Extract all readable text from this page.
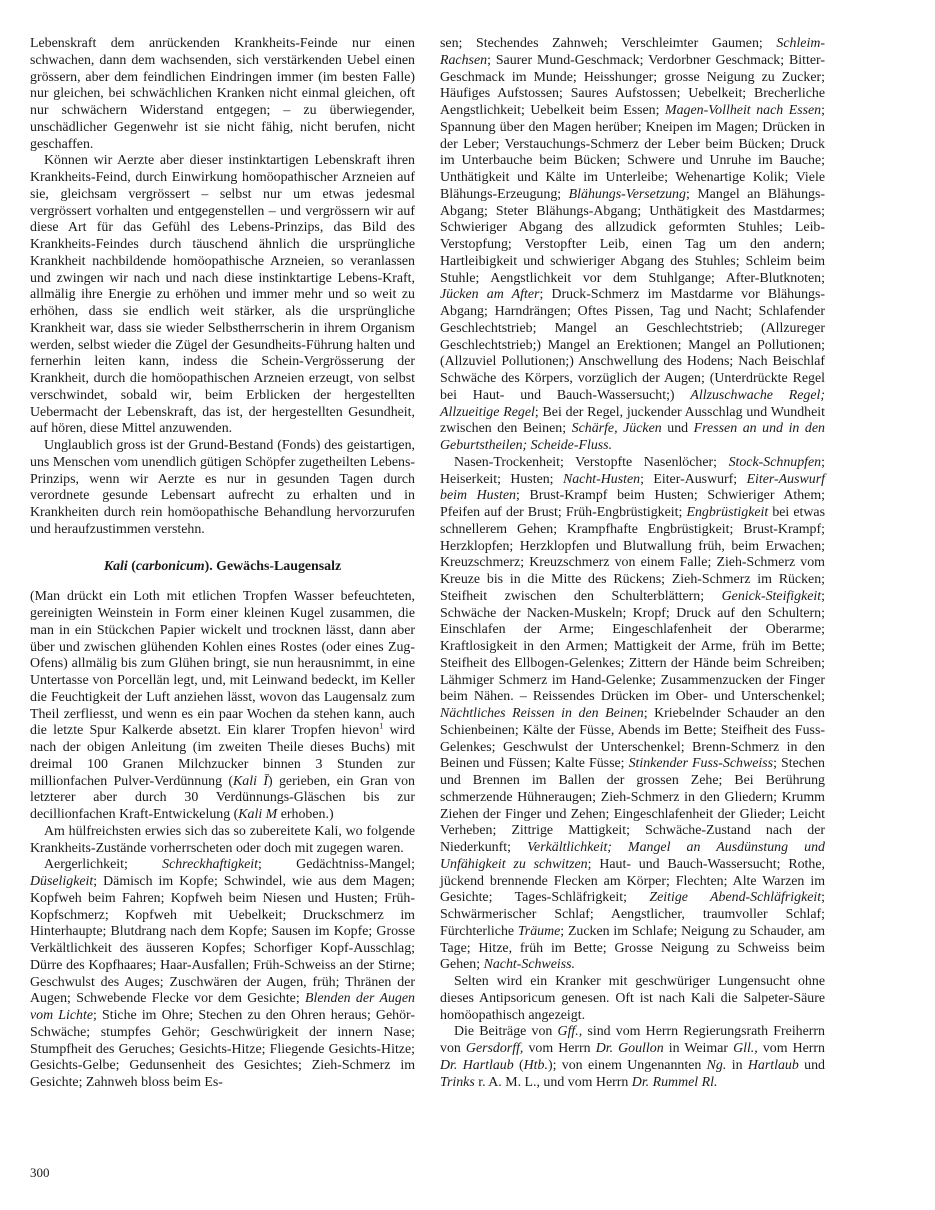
Lebenskraft dem anrückenden Krankheits-Feinde nur einen schwachen, dann dem wachsenden, sich verstärkenden Uebel einen grössern, aber dem feindlichen Eindringen immer (im besten Falle) nur gleichen, bei schwächlichen Kranken nicht einmal gleichen, oft nur schwächern Widerstand entgegen; – zu überwiegender, unschädlicher Gegenwehr ist sie nicht fähig, nicht berufen, nicht geschaffen.

Können wir Aerzte aber dieser instinktartigen Lebenskraft ihren Krankheits-Feind, durch Einwirkung homöopathischer Arzneien auf sie, gleichsam vergrössert – selbst nur um etwas jedesmal vergrössert vorhalten und entgegenstellen – und vergrössern wir auf diese Art für das Gefühl des Lebens-Prinzips, das Bild des Krankheits-Feindes durch täuschend ähnlich die ursprüngliche Krankheit nachbildende homöopathische Arzneien, so veranlassen und zwingen wir nach und nach diese instinktartige Lebens-Kraft, allmälig ihre Energie zu erhöhen und immer mehr und so weit zu erhöhen, dass sie endlich weit stärker, als die ursprüngliche Krankheit war, dass sie wieder Selbstherrscherin in ihrem Organism werden, selbst wieder die Zügel der Gesundheits-Führung halten und fernerhin leiten kann, indess die Schein-Vergrösserung der Krankheit, durch die homöopathischen Arzneien erzeugt, von selbst verschwindet, sobald wir, beim Erblicken der hergestellten Uebermacht der Lebenskraft, das ist, der hergestellten Gesundheit, auf hören, diese Mittel anzuwenden.

Unglaublich gross ist der Grund-Bestand (Fonds) des geistartigen, uns Menschen vom unendlich gütigen Schöpfer zugetheilten Lebens-Prinzips, wenn wir Aerzte es nur in gesunden Tagen durch verordnete gesunde Lebensart aufrecht zu erhalten und in Krankheiten durch rein homöopathische Behandlung hervorzurufen und heraufzustimmen verstehn.

Kali (carbonicum). Gewächs-Laugensalz

(Man drückt ein Loth mit etlichen Tropfen Wasser befeuchteten, gereinigten Weinstein in Form einer kleinen Kugel zusammen, die man in ein Stückchen Papier wickelt und trocknen lässt, dann aber über und zwischen glühenden Kohlen eines Rostes (oder eines Zug-Ofens) allmälig bis zum Glühen bringt, sie nun herausnimmt, in eine Untertasse von Porcellän legt, und, mit Leinwand bedeckt, im Keller die Feuchtigkeit der Luft anziehen lässt, wovon das Laugensalz zum Theil zerfliesst, und wenn es ein paar Wochen da stehen kann, auch die letzte Spur Kalkerde absetzt. Ein klarer Tropfen hievon$^1$ wird nach der obigen Anleitung (im zweiten Theile dieses Buchs) mit dreimal 100 Granen Milchzucker binnen 3 Stunden zur millionfachen Pulver-Verdünnung (Kali Ī) gerieben, ein Gran von letzterer aber durch 30 Verdünnungs-Gläschen bis zur decillionfachen Kraft-Entwickelung (Kali M erhoben.)

Am hülfreichsten erwies sich das so zubereitete Kali, wo folgende Krankheits-Zustände vorherrscheten oder doch mit zugegen waren.

Aergerlichkeit; Schreckhaftigkeit; Gedächtniss-Mangel; Düseligkeit; Dämisch im Kopfe; Schwindel, wie aus dem Magen; Kopfweh beim Fahren; Kopfweh beim Niesen und Husten; Früh-Kopfschmerz; Kopfweh mit Uebelkeit; Druckschmerz im Hinterhaupte; Blutdrang nach dem Kopfe; Sausen im Kopfe; Grosse Verkältlichkeit des äusseren Kopfes; Schorfiger Kopf-Ausschlag; Dürre des Kopfhaares; Haar-Ausfallen; Früh-Schweiss an der Stirne; Geschwulst des Auges; Zuschwären der Augen, früh; Thränen der Augen; Schwebende Flecke vor dem Gesichte; Blenden der Augen vom Lichte; Stiche im Ohre; Stechen zu den Ohren heraus; Gehör-Schwäche; stumpfes Gehör; Geschwürigkeit der innern Nase; Stumpfheit des Geruches; Gesichts-Hitze; Fliegende Gesichts-Hitze; Gesichts-Gelbe; Gedunsenheit des Gesichtes; Zieh-Schmerz im Gesichte; Zahnweh bloss beim Es-

sen; Stechendes Zahnweh; Verschleimter Gaumen; Schleim-Rachsen; Saurer Mund-Geschmack; Verdorbner Geschmack; Bitter-Geschmack im Munde; Heisshunger; grosse Neigung zu Zucker; Häufiges Aufstossen; Saures Aufstossen; Uebelkeit; Brecherliche Aengstlichkeit; Uebelkeit beim Essen; Magen-Vollheit nach Essen; Spannung über den Magen herüber; Kneipen im Magen; Drücken in der Leber; Verstauchungs-Schmerz der Leber beim Bücken; Druck im Unterbauche beim Bücken; Schwere und Unruhe im Bauche; Unthätigkeit und Kälte im Unterleibe; Wehenartige Kolik; Viele Blähungs-Erzeugung; Blähungs-Versetzung; Mangel an Blähungs-Abgang; Steter Blähungs-Abgang; Unthätigkeit des Mastdarmes; Schwieriger Abgang des allzudick geformten Stuhles; Leib-Verstopfung; Verstopfter Leib, einen Tag um den andern; Hartleibigkeit und schwieriger Abgang des Stuhles; Schleim beim Stuhle; Aengstlichkeit vor dem Stuhlgange; After-Blutknoten; Jücken am After; Druck-Schmerz im Mastdarme vor Blähungs-Abgang; Harndrängen; Oftes Pissen, Tag und Nacht; Schlafender Geschlechtstrieb; Mangel an Geschlechtstrieb; (Allzureger Geschlechtstrieb;) Mangel an Erektionen; Mangel an Pollutionen; (Allzuviel Pollutionen;) Anschwellung des Hodens; Nach Beischlaf Schwäche des Körpers, vorzüglich der Augen; (Unterdrückte Regel bei Haut- und Bauch-Wassersucht;) Allzuschwache Regel; Allzueitige Regel; Bei der Regel, juckender Ausschlag und Wundheit zwischen den Beinen; Schärfe, Jücken und Fressen an und in den Geburtstheilen; Scheide-Fluss.

Nasen-Trockenheit; Verstopfte Nasenlöcher; Stock-Schnupfen; Heiserkeit; Husten; Nacht-Husten; Eiter-Auswurf; Eiter-Auswurf beim Husten; Brust-Krampf beim Husten; Schwieriger Athem; Pfeifen auf der Brust; Früh-Engbrüstigkeit; Engbrüstigkeit bei etwas schnellerem Gehen; Krampfhafte Engbrüstigkeit; Brust-Krampf; Herzklopfen; Herzklopfen und Blutwallung früh, beim Erwachen; Kreuzschmerz; Kreuzschmerz von einem Falle; Zieh-Schmerz vom Kreuze bis in die Mitte des Rückens; Zieh-Schmerz im Rücken; Steifheit zwischen den Schulterblättern; Genick-Steifigkeit; Schwäche der Nacken-Muskeln; Kropf; Druck auf den Schultern; Einschlafen der Arme; Eingeschlafenheit der Oberarme; Kraftlosigkeit in den Armen; Mattigkeit der Arme, früh im Bette; Steifheit des Ellbogen-Gelenkes; Zittern der Hände beim Schreiben; Lähmiger Schmerz im Hand-Gelenke; Zusammenzucken der Finger beim Nähen. – Reissendes Drücken im Ober- und Unterschenkel; Nächtliches Reissen in den Beinen; Kriebelnder Schauder an den Schienbeinen; Kälte der Füsse, Abends im Bette; Steifheit des Fuss-Gelenkes; Geschwulst der Unterschenkel; Brenn-Schmerz in den Beinen und Füssen; Kalte Füsse; Stinkender Fuss-Schweiss; Stechen und Brennen im Ballen der grossen Zehe; Bei Berührung schmerzende Hühneraugen; Zieh-Schmerz in den Gliedern; Krumm Ziehen der Finger und Zehen; Eingeschlafenheit der Glieder; Leicht Verheben; Zittrige Mattigkeit; Schwäche-Zustand nach der Niederkunft; Verkältlichkeit; Mangel an Ausdünstung und Unfähigkeit zu schwitzen; Haut- und Bauch-Wassersucht; Rothe, jückend brennende Flecken am Körper; Flechten; Alte Warzen im Gesichte; Tages-Schläfrigkeit; Zeitige Abend-Schläfrigkeit; Schwärmerischer Schlaf; Aengstlicher, traumvoller Schlaf; Fürchterliche Träume; Zucken im Schlafe; Neigung zu Schauder, am Tage; Hitze, früh im Bette; Grosse Neigung zu Schweiss beim Gehen; Nacht-Schweiss.

Selten wird ein Kranker mit geschwüriger Lungensucht ohne dieses Antipsoricum genesen. Oft ist nach Kali die Salpeter-Säure homöopathisch angezeigt.

Die Beiträge von Gff., sind vom Herrn Regierungsrath Freiherrn von Gersdorff, vom Herrn Dr. Goullon in Weimar Gll., vom Herrn Dr. Hartlaub (Htb.); von einem Ungenannten Ng. in Hartlaub und Trinks r. A. M. L., und vom Herrn Dr. Rummel Rl.

300
